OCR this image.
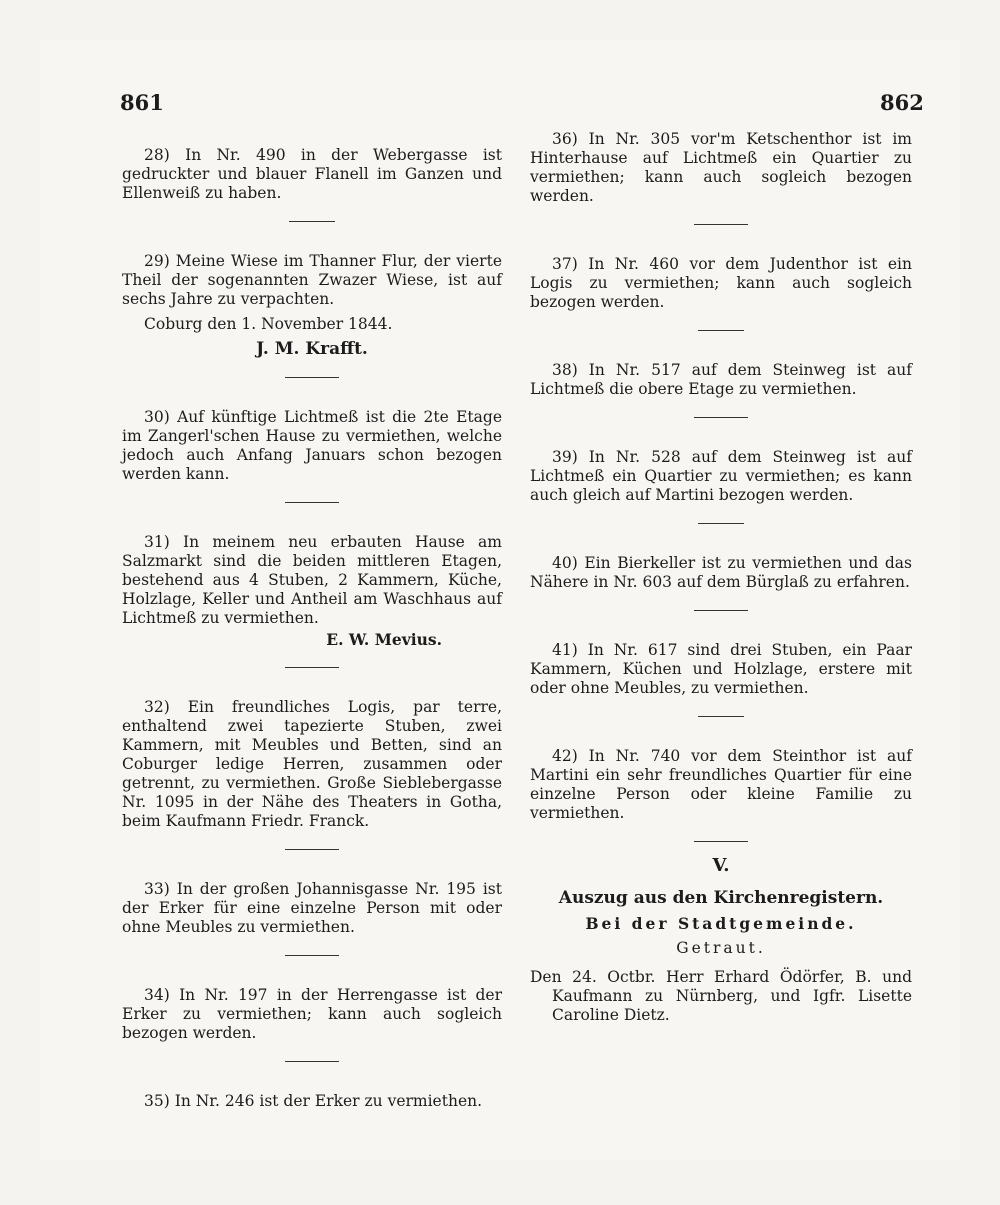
861	862

28) In Nr. 490 in der Webergasse ist gedruckter und blauer Flanell im Ganzen und Ellenweiß zu haben.

29) Meine Wiese im Thanner Flur, der vierte Theil der sogenannten Zwazer Wiese, ist auf sechs Jahre zu verpachten.

Coburg den 1. November 1844.

J. M. Krafft.

30) Auf künftige Lichtmeß ist die 2te Etage im Zangerl'schen Hause zu vermiethen, welche jedoch auch Anfang Januars schon bezogen werden kann.

31) In meinem neu erbauten Hause am Salzmarkt sind die beiden mittleren Etagen, bestehend aus 4 Stuben, 2 Kammern, Küche, Holzlage, Keller und Antheil am Waschhaus auf Lichtmeß zu vermiethen.

E. W. Mevius.

32) Ein freundliches Logis, par terre, enthaltend zwei tapezierte Stuben, zwei Kammern, mit Meubles und Betten, sind an Coburger ledige Herren, zusammen oder getrennt, zu vermiethen. Große Sieblebergasse Nr. 1095 in der Nähe des Theaters in Gotha, beim Kaufmann Friedr. Franck.

33) In der großen Johannisgasse Nr. 195 ist der Erker für eine einzelne Person mit oder ohne Meubles zu vermiethen.

34) In Nr. 197 in der Herrengasse ist der Erker zu vermiethen; kann auch sogleich bezogen werden.

35) In Nr. 246 ist der Erker zu vermiethen.

36) In Nr. 305 vor'm Ketschenthor ist im Hinterhause auf Lichtmeß ein Quartier zu vermiethen; kann auch sogleich bezogen werden.

37) In Nr. 460 vor dem Judenthor ist ein Logis zu vermiethen; kann auch sogleich bezogen werden.

38) In Nr. 517 auf dem Steinweg ist auf Lichtmeß die obere Etage zu vermiethen.

39) In Nr. 528 auf dem Steinweg ist auf Lichtmeß ein Quartier zu vermiethen; es kann auch gleich auf Martini bezogen werden.

40) Ein Bierkeller ist zu vermiethen und das Nähere in Nr. 603 auf dem Bürglaß zu erfahren.

41) In Nr. 617 sind drei Stuben, ein Paar Kammern, Küchen und Holzlage, erstere mit oder ohne Meubles, zu vermiethen.

42) In Nr. 740 vor dem Steinthor ist auf Martini ein sehr freundliches Quartier für eine einzelne Person oder kleine Familie zu vermiethen.

V.
Auszug aus den Kirchenregistern.
Bei der Stadtgemeinde.
Getraut.

Den 24. Octbr. Herr Erhard Ödörfer, B. und Kaufmann zu Nürnberg, und Igfr. Lisette Caroline Dietz.
